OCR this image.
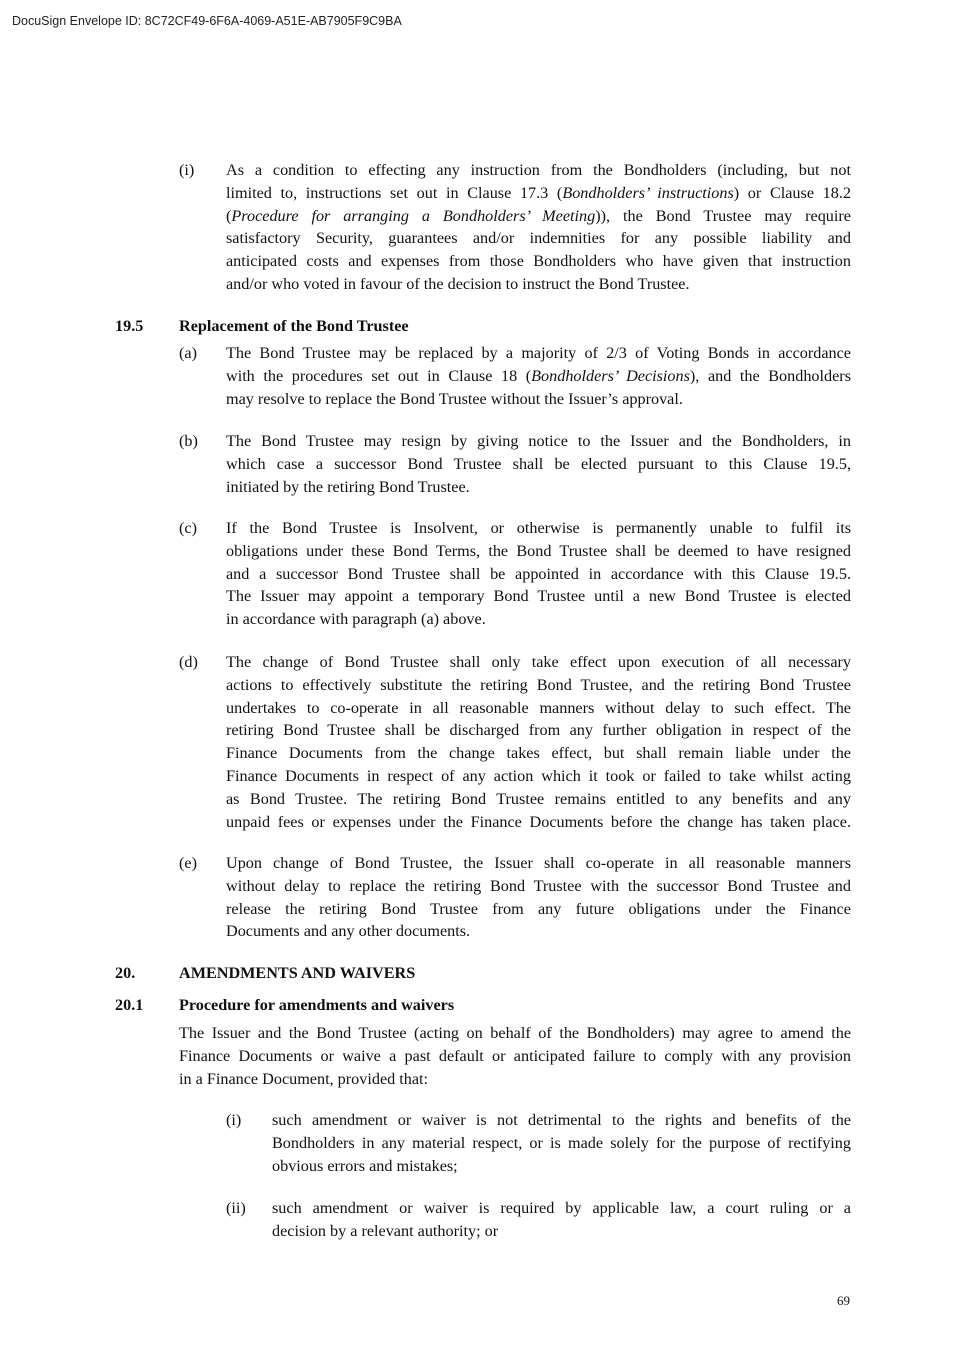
DocuSign Envelope ID: 8C72CF49-6F6A-4069-A51E-AB7905F9C9BA
(i) As a condition to effecting any instruction from the Bondholders (including, but not
limited to, instructions set out in Clause 17.3 (Bondholders’ instructions) or Clause 18.2
(Procedure for arranging a Bondholders’ Meeting)), the Bond Trustee may require
satisfactory Security, guarantees and/or indemnities for any possible liability and
anticipated costs and expenses from those Bondholders who have given that instruction
and/or who voted in favour of the decision to instruct the Bond Trustee.
19.5 Replacement of the Bond Trustee
(a) The Bond Trustee may be replaced by a majority of 2/3 of Voting Bonds in accordance
with the procedures set out in Clause 18 (Bondholders’ Decisions), and the Bondholders
may resolve to replace the Bond Trustee without the Issuer’s approval.
(b) The Bond Trustee may resign by giving notice to the Issuer and the Bondholders, in
which case a successor Bond Trustee shall be elected pursuant to this Clause 19.5,
initiated by the retiring Bond Trustee.
(c) If the Bond Trustee is Insolvent, or otherwise is permanently unable to fulfil its
obligations under these Bond Terms, the Bond Trustee shall be deemed to have resigned
and a successor Bond Trustee shall be appointed in accordance with this Clause 19.5.
The Issuer may appoint a temporary Bond Trustee until a new Bond Trustee is elected
in accordance with paragraph (a) above.
(d) The change of Bond Trustee shall only take effect upon execution of all necessary
actions to effectively substitute the retiring Bond Trustee, and the retiring Bond Trustee
undertakes to co-operate in all reasonable manners without delay to such effect. The
retiring Bond Trustee shall be discharged from any further obligation in respect of the
Finance Documents from the change takes effect, but shall remain liable under the
Finance Documents in respect of any action which it took or failed to take whilst acting
as Bond Trustee. The retiring Bond Trustee remains entitled to any benefits and any
unpaid fees or expenses under the Finance Documents before the change has taken place.
(e) Upon change of Bond Trustee, the Issuer shall co-operate in all reasonable manners
without delay to replace the retiring Bond Trustee with the successor Bond Trustee and
release the retiring Bond Trustee from any future obligations under the Finance
Documents and any other documents.
20.	AMENDMENTS AND WAIVERS
20.1 Procedure for amendments and waivers
The Issuer and the Bond Trustee (acting on behalf of the Bondholders) may agree to amend the
Finance Documents or waive a past default or anticipated failure to comply with any provision
in a Finance Document, provided that:
(i) such amendment or waiver is not detrimental to the rights and benefits of the
Bondholders in any material respect, or is made solely for the purpose of rectifying
obvious errors and mistakes;
(ii) such amendment or waiver is required by applicable law, a court ruling or a
decision by a relevant authority; or
69
